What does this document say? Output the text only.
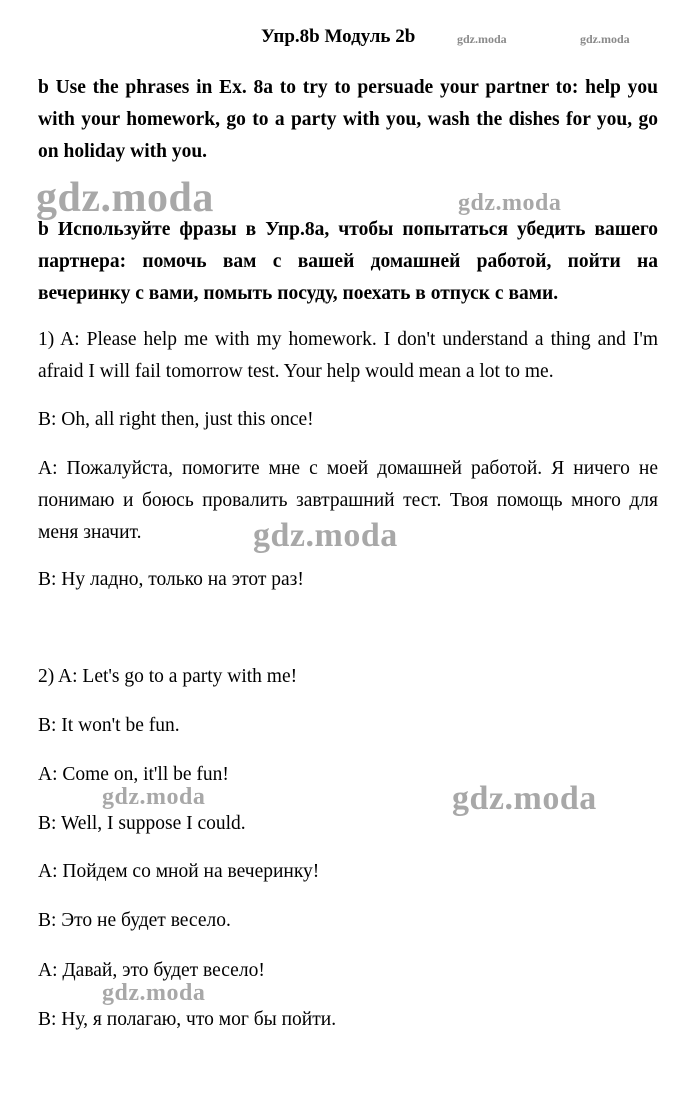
Упр.8b Модуль 2b	gdz.moda	gdz.moda
b Use the phrases in Ex. 8a to try to persuade your partner to: help you with your homework, go to a party with you, wash the dishes for you, go on holiday with you.
gdz.moda	gdz.moda
b Используйте фразы в Упр.8а, чтобы попытаться убедить вашего партнера: помочь вам с вашей домашней работой, пойти на вечеринку с вами, помыть посуду, поехать в отпуск с вами.
1) A: Please help me with my homework. I don't understand a thing and I'm afraid I will fail tomorrow test. Your help would mean a lot to me.
B: Oh, all right then, just this once!
A: Пожалуйста, помогите мне с моей домашней работой. Я ничего не понимаю и боюсь провалить завтрашний тест. Твоя помощь много для меня значит.	gdz.moda
B: Ну ладно, только на этот раз!
2) A: Let's go to a party with me!
B: It won't be fun.
A: Come on, it'll be fun!
gdz.moda	gdz.moda
B: Well, I suppose I could.
A: Пойдем со мной на вечеринку!
B: Это не будет весело.
A: Давай, это будет весело!
gdz.moda
B: Ну, я полагаю, что мог бы пойти.
